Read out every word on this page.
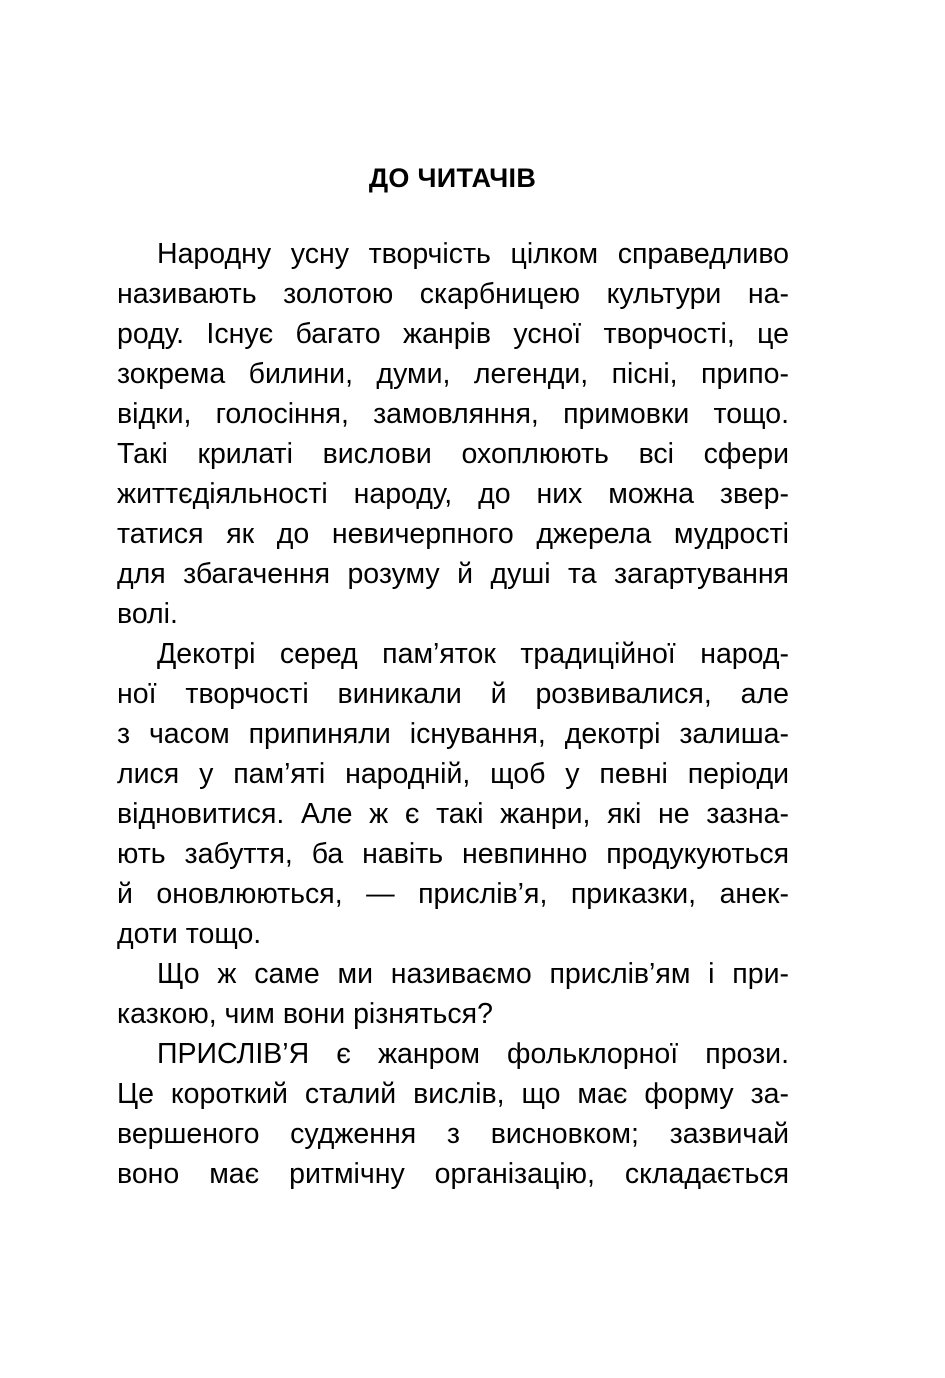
ДО ЧИТАЧІВ
Народну усну творчість цілком справедливо
називають золотою скарбницею культури на-
роду. Існує багато жанрів усної творчості, це
зокрема билини, думи, легенди, пісні, припо-
відки, голосіння, замовляння, примовки тощо.
Такі крилаті вислови охоплюють всі сфери
життєдіяльності народу, до них можна звер-
татися як до невичерпного джерела мудрості
для збагачення розуму й душі та загартування
волі.
Декотрі серед пам’яток традиційної народ-
ної творчості виникали й розвивалися, але
з часом припиняли існування, декотрі залиша-
лися у пам’яті народній, щоб у певні періоди
відновитися. Але ж є такі жанри, які не зазна-
ють забуття, ба навіть невпинно продукуються
й оновлюються, — прислів’я, приказки, анек-
доти тощо.
Що ж саме ми називаємо прислів’ям і при-
казкою, чим вони різняться?
ПРИСЛІВ’Я є жанром фольклорної прози.
Це короткий сталий вислів, що має форму за-
вершеного судження з висновком; зазвичай
воно має ритмічну організацію, складається
